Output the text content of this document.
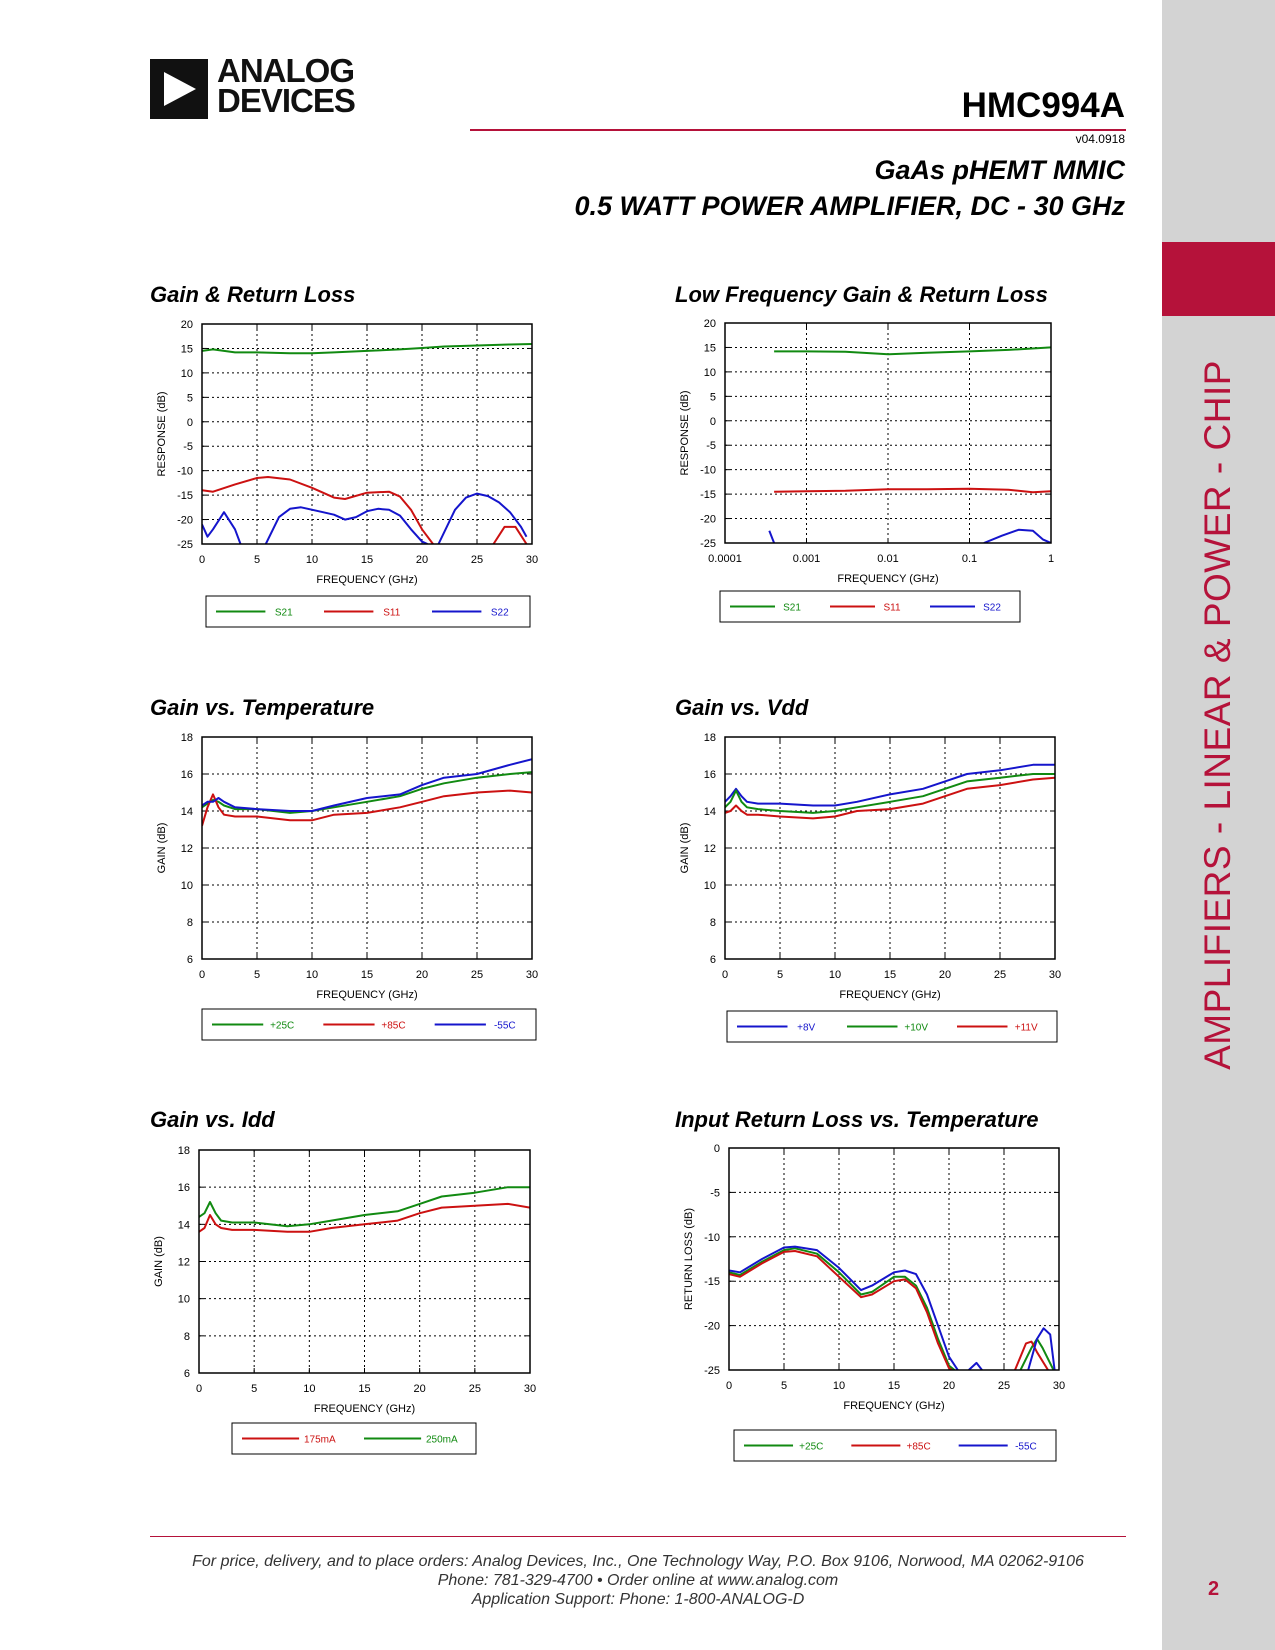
AMPLIFIERS - LINEAR & POWER - CHIP
2
ANALOG
DEVICES	HMC994A
v04.0918
GaAs pHEMT MMIC
0.5 WATT POWER AMPLIFIER, DC - 30 GHz
Gain & Return Loss	Low Frequency Gain & Return Loss
Gain vs. Temperature	Gain vs. Vdd
Gain vs. Idd	Input Return Loss vs. Temperature
0	5	10	15	20	25	30
-25
-20
-15
-10
-5
0
5
10
15
20
FREQUENCY (GHz)
RESPONSE (dB)
S21	S11	S22
0.0001	0.001	0.01	0.1	1
-25
-20
-15
-10
-5
0
5
10
15
20
FREQUENCY (GHz)
RESPONSE (dB)
S21	S11	S22
0	5	10	15	20	25	30
6
8
10
12
14
16
18
FREQUENCY (GHz)
GAIN (dB)
+25C	+85C	-55C
0	5	10	15	20	25	30
6
8
10
12
14
16
18
FREQUENCY (GHz)
GAIN (dB)
+8V	+10V	+11V
0	5	10	15	20	25	30
6
8
10
12
14
16
18
FREQUENCY (GHz)
GAIN (dB)
175mA	250mA
0	5	10	15	20	25	30
-25
-20
-15
-10
-5
0
FREQUENCY (GHz)
RETURN LOSS (dB)
+25C	+85C	-55C
For price, delivery, and to place orders: Analog Devices, Inc., One Technology Way, P.O. Box 9106, Norwood, MA 02062-9106
Phone: 781-329-4700 • Order online at www.analog.com
Application Support: Phone: 1-800-ANALOG-D
